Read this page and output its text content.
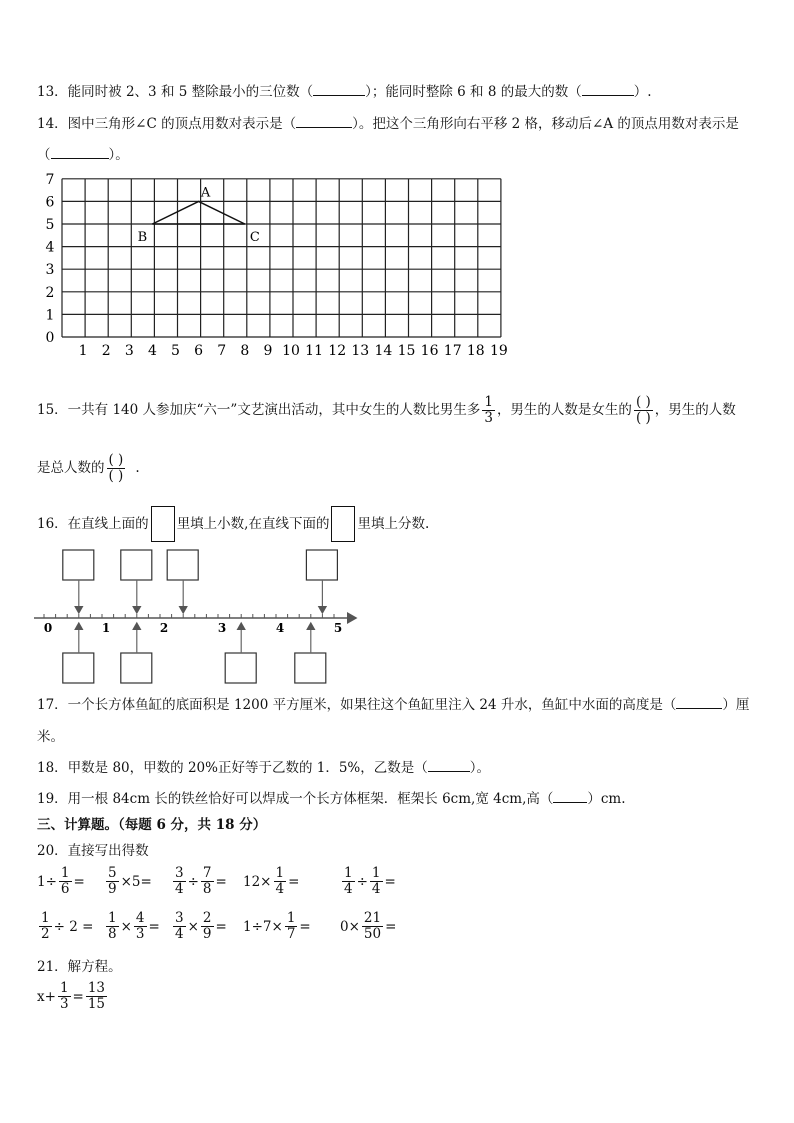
13．能同时被 2、3 和 5 整除最小的三位数（	）；能同时整除 6 和 8 的最大的数（	）.
14．图中三角形∠C 的顶点用数对表示是（	）。把这个三角形向右平移 2 格，移动后∠A 的顶点用数对表示是
（	）。
1 2 3 4 5 6 7 8 9 10 11 12 13 14 15 16 17 18 19
0
1
2
3
4
5
6
7
A
B	C
15．一共有 140 人参加庆“六一”文艺演出活动，其中女生的人数比男生多 $\frac{1}{3}$ ，男生的人数是女生的 $\frac{( )}{( )}$ ，男生的人数
是总人数的 $\frac{( )}{( )}$ .
16．在直线上面的 里填上小数,在直线下面的 里填上分数.
0	1	2	3	4	5
17．一个长方体鱼缸的底面积是 1200 平方厘米，如果往这个鱼缸里注入 24 升水，鱼缸中水面的高度是（	）厘
米。
18．甲数是 80，甲数的 20%正好等于乙数的 1．5%，乙数是（	）。
19．用一根 84cm 长的铁丝恰好可以焊成一个长方体框架．框架长 6cm,宽 4cm,高（	）cm.
三、计算题。（每题 6 分，共 18 分）
20．直接写出得数
$1\div \frac{1}{6} = \frac{5}{9} \times 5= \frac{3}{4} \div \frac{7}{8} = 12\times \frac{1}{4}$ =	$\frac{1}{4} \div \frac{1}{4}$ =
$\frac{1}{2} \div 2 = \frac{1}{8} \times \frac{4}{3} = \frac{3}{4} \times \frac{2}{9} = 1\div 7\times \frac{1}{7} = 0\times \frac{21}{50}$ =
21．解方程。
$x+ \frac{1}{3} = \frac{13}{15}$
